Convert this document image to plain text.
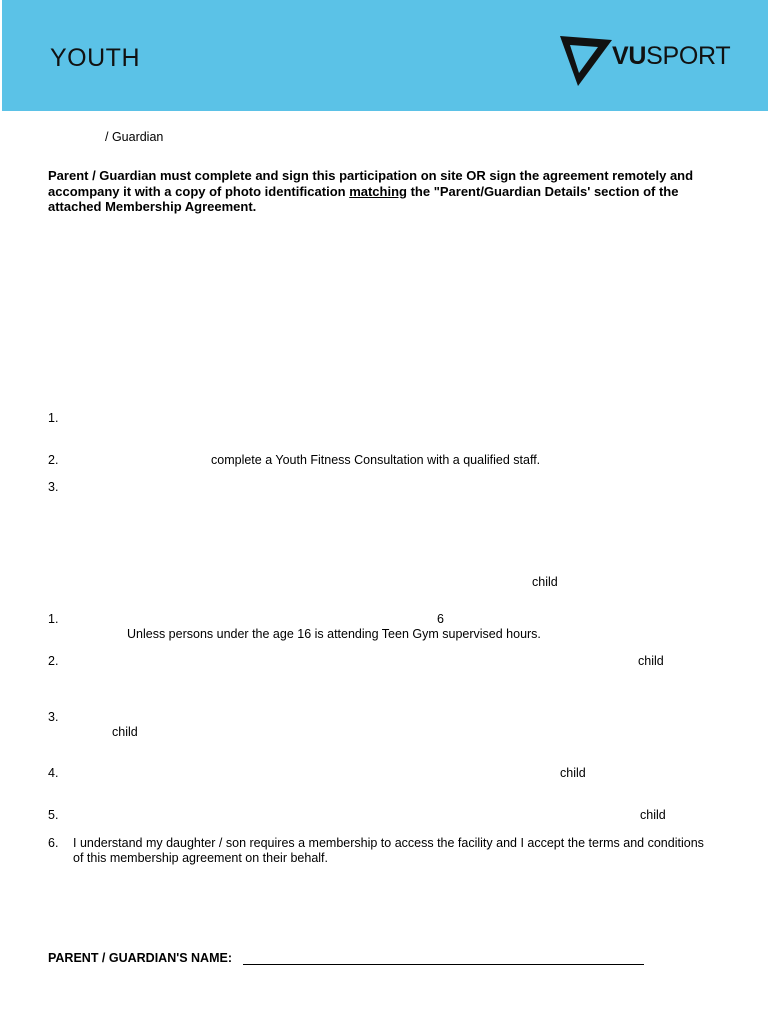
YOUTH	VUSPORT
/ Guardian
Parent / Guardian must complete and sign this participation on site OR sign the agreement remotely and accompany it with a copy of photo identification matching the "Parent/Guardian Details' section of the attached Membership Agreement.
1.
2.	complete a Youth Fitness Consultation with a qualified staff.
3.
child
1.	6
Unless persons under the age 16 is attending Teen Gym supervised hours.
2.	child
3.
child
4.	child
5.	child
6. I understand my daughter / son requires a membership to access the facility and I accept the terms and conditions
of this membership agreement on their behalf.
PARENT / GUARDIAN'S NAME:
